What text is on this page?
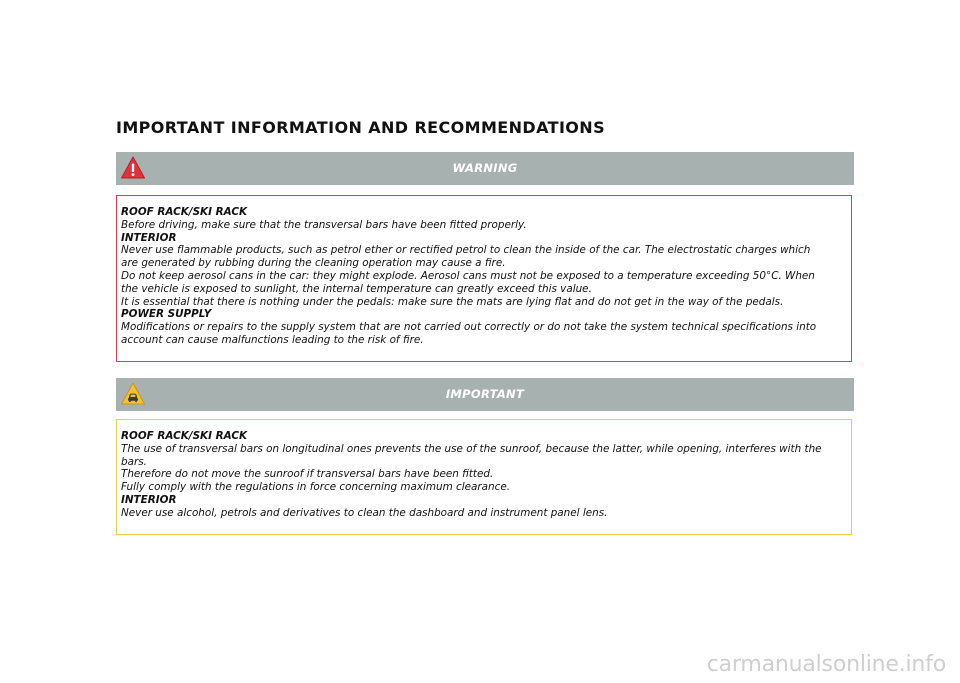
IMPORTANT INFORMATION AND RECOMMENDATIONS
WARNING

ROOF RACK/SKI RACK

Before driving, make sure that the transversal bars have been fitted properly.

INTERIOR

Never use flammable products, such as petrol ether or rectified petrol to clean the inside of the car. The electrostatic charges which

are generated by rubbing during the cleaning operation may cause a fire.

Do not keep aerosol cans in the car: they might explode. Aerosol cans must not be exposed to a temperature exceeding 50°C. When

the vehicle is exposed to sunlight, the internal temperature can greatly exceed this value.

It is essential that there is nothing under the pedals: make sure the mats are lying flat and do not get in the way of the pedals.

POWER SUPPLY

Modifications or repairs to the supply system that are not carried out correctly or do not take the system technical specifications into

account can cause malfunctions leading to the risk of fire.

IMPORTANT

ROOF RACK/SKI RACK

The use of transversal bars on longitudinal ones prevents the use of the sunroof, because the latter, while opening, interferes with the

bars.

Therefore do not move the sunroof if transversal bars have been fitted.

Fully comply with the regulations in force concerning maximum clearance.

INTERIOR

Never use alcohol, petrols and derivatives to clean the dashboard and instrument panel lens.

carmanualsonline.info
